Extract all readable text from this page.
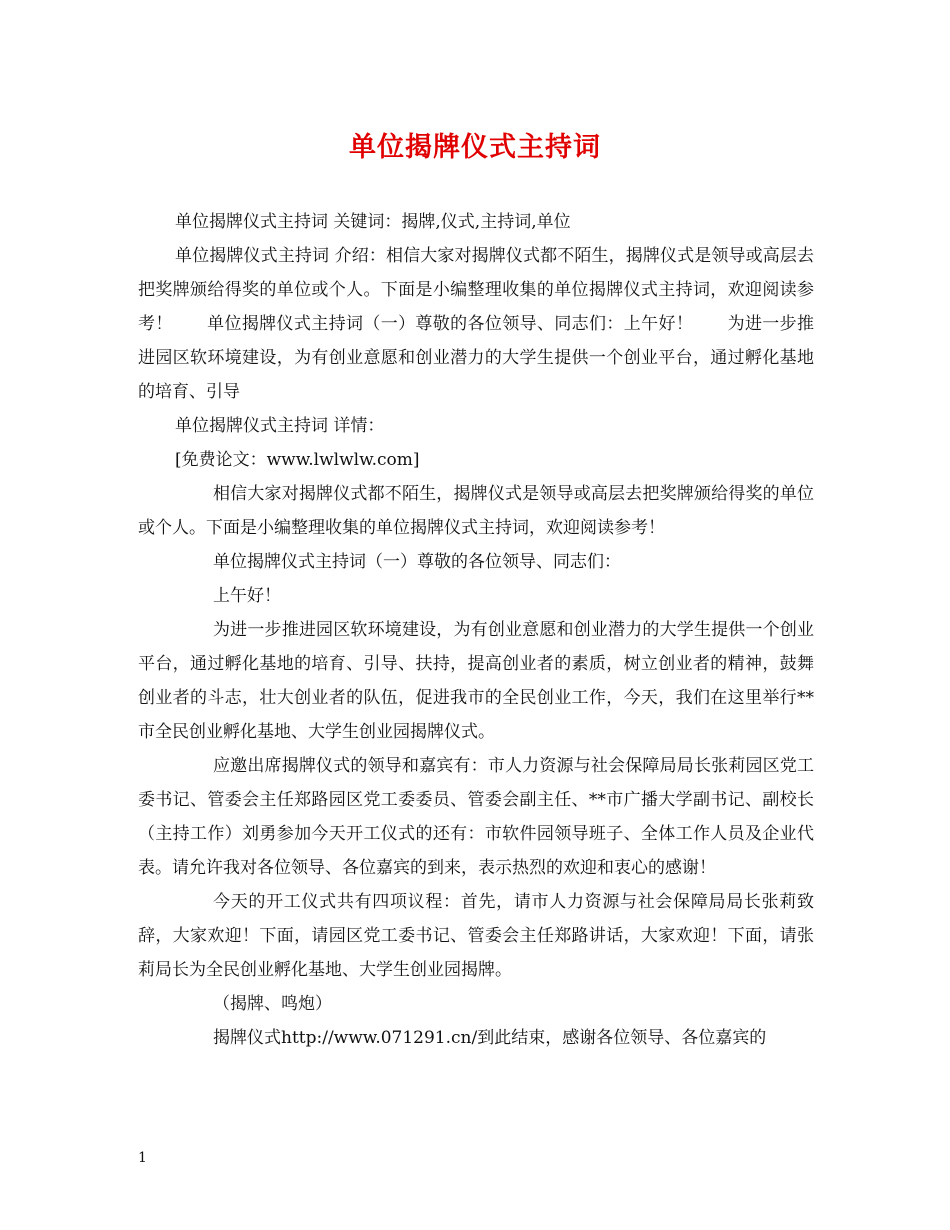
单位揭牌仪式主持词

单位揭牌仪式主持词 关键词：揭牌,仪式,主持词,单位

单位揭牌仪式主持词 介绍：相信大家对揭牌仪式都不陌生，揭牌仪式是领导或高层去把奖牌颁给得奖的单位或个人。下面是小编整理收集的单位揭牌仪式主持词，欢迎阅读参考！ 单位揭牌仪式主持词（一）尊敬的各位领导、同志们：上午好！ 为进一步推进园区软环境建设，为有创业意愿和创业潜力的大学生提供一个创业平台，通过孵化基地的培育、引导

单位揭牌仪式主持词 详情：

[免费论文：www.lwlwlw.com]

相信大家对揭牌仪式都不陌生，揭牌仪式是领导或高层去把奖牌颁给得奖的单位或个人。下面是小编整理收集的单位揭牌仪式主持词，欢迎阅读参考！

单位揭牌仪式主持词（一）尊敬的各位领导、同志们：

上午好！

为进一步推进园区软环境建设，为有创业意愿和创业潜力的大学生提供一个创业平台，通过孵化基地的培育、引导、扶持，提高创业者的素质，树立创业者的精神，鼓舞创业者的斗志，壮大创业者的队伍，促进我市的全民创业工作，今天，我们在这里举行**市全民创业孵化基地、大学生创业园揭牌仪式。

应邀出席揭牌仪式的领导和嘉宾有：市人力资源与社会保障局局长张莉园区党工委书记、管委会主任郑路园区党工委委员、管委会副主任、**市广播大学副书记、副校长（主持工作）刘勇参加今天开工仪式的还有：市软件园领导班子、全体工作人员及企业代表。请允许我对各位领导、各位嘉宾的到来，表示热烈的欢迎和衷心的感谢！

今天的开工仪式共有四项议程：首先，请市人力资源与社会保障局局长张莉致辞，大家欢迎！下面，请园区党工委书记、管委会主任郑路讲话，大家欢迎！下面，请张莉局长为全民创业孵化基地、大学生创业园揭牌。

（揭牌、鸣炮）

揭牌仪式http://www.071291.cn/到此结束，感谢各位领导、各位嘉宾的

1
